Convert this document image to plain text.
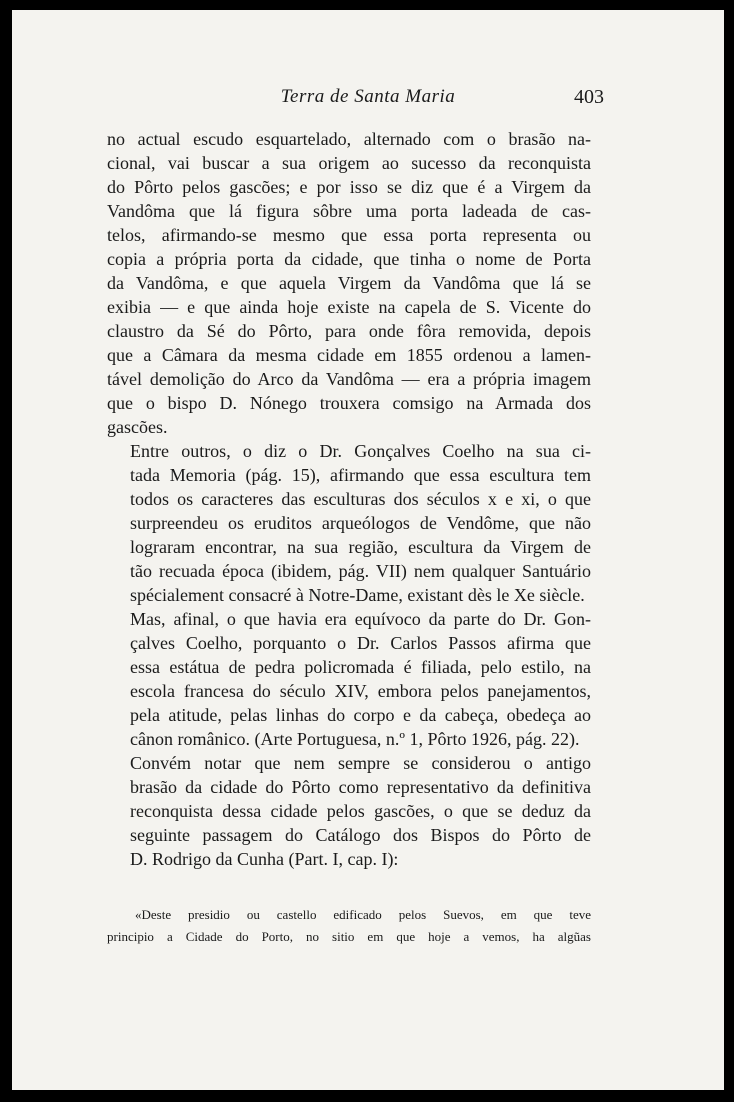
Terra de Santa Maria	403

no actual escudo esquartelado, alternado com o brasão na-
cional, vai buscar a sua origem ao sucesso da reconquista
do Pôrto pelos gascões; e por isso se diz que é a Virgem da
Vandôma que lá figura sôbre uma porta ladeada de cas-
telos, afirmando-se mesmo que essa porta representa ou
copia a própria porta da cidade, que tinha o nome de Porta
da Vandôma, e que aquela Virgem da Vandôma que lá se
exibia — e que ainda hoje existe na capela de S. Vicente do
claustro da Sé do Pôrto, para onde fôra removida, depois
que a Câmara da mesma cidade em 1855 ordenou a lamen-
tável demolição do Arco da Vandôma — era a própria imagem
que o bispo D. Nónego trouxera comsigo na Armada dos
gascões.

Entre outros, o diz o Dr. Gonçalves Coelho na sua ci-
tada Memoria (pág. 15), afirmando que essa escultura tem
todos os caracteres das esculturas dos séculos x e xi, o que
surpreendeu os eruditos arqueólogos de Vendôme, que não
lograram encontrar, na sua região, escultura da Virgem de
tão recuada época (ibidem, pág. VII) nem qualquer Santuário
spécialement consacré à Notre-Dame, existant dès le Xe siècle.

Mas, afinal, o que havia era equívoco da parte do Dr. Gon-
çalves Coelho, porquanto o Dr. Carlos Passos afirma que
essa estátua de pedra policromada é filiada, pelo estilo, na
escola francesa do século XIV, embora pelos panejamentos,
pela atitude, pelas linhas do corpo e da cabeça, obedeça ao
cânon românico. (Arte Portuguesa, n.º 1, Pôrto 1926, pág. 22).

Convém notar que nem sempre se considerou o antigo
brasão da cidade do Pôrto como representativo da definitiva
reconquista dessa cidade pelos gascões, o que se deduz da
seguinte passagem do Catálogo dos Bispos do Pôrto de
D. Rodrigo da Cunha (Part. I, cap. I):

«Deste presidio ou castello edificado pelos Suevos, em que teve
principio a Cidade do Porto, no sitio em que hoje a vemos, ha algũas
